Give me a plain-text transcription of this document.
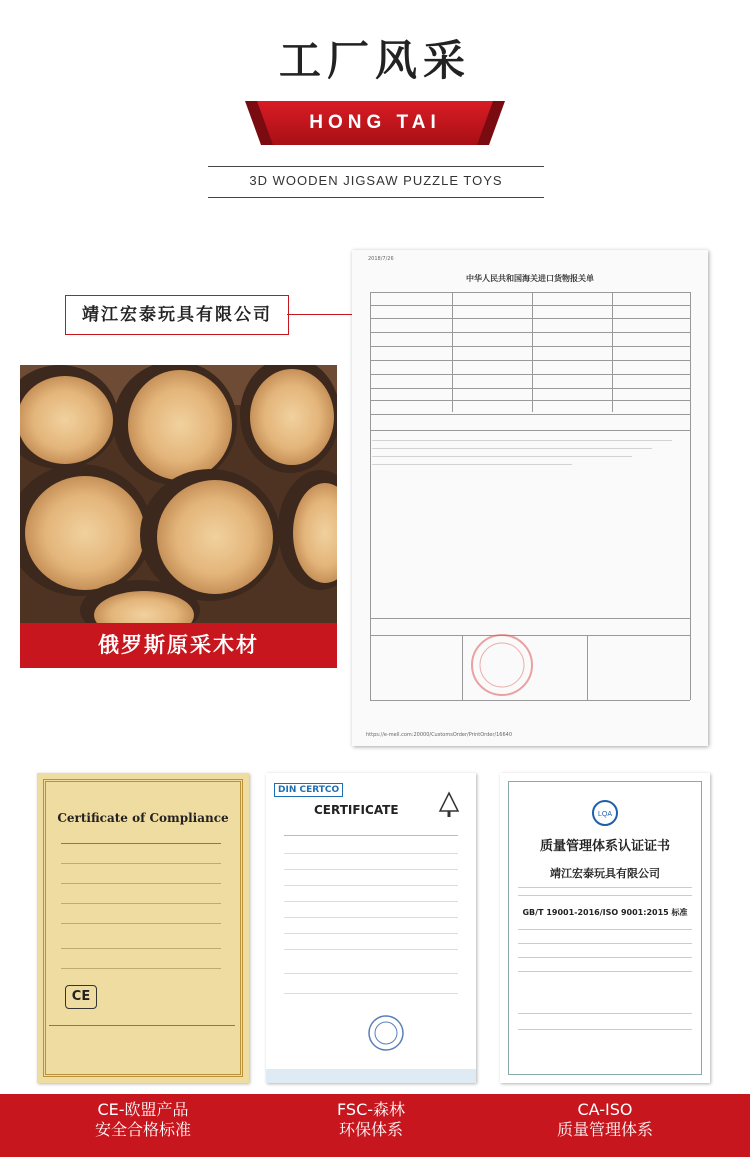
工厂风采
HONG TAI
3D WOODEN JIGSAW PUZZLE TOYS
靖江宏泰玩具有限公司
俄罗斯原采木材
2018/7/26
中华人民共和国海关进口货物报关单
https://e-mell.com:20000/CustomsOrder/PrintOrder/16640
Certificate of Compliance
CE
DIN CERTCO
CERTIFICATE	LQA
质量管理体系认证证书
靖江宏泰玩具有限公司
GB/T 19001-2016/ISO 9001:2015 标准
CE-欧盟产品
安全合格标准
FSC-森林
环保体系
CA-ISO
质量管理体系
